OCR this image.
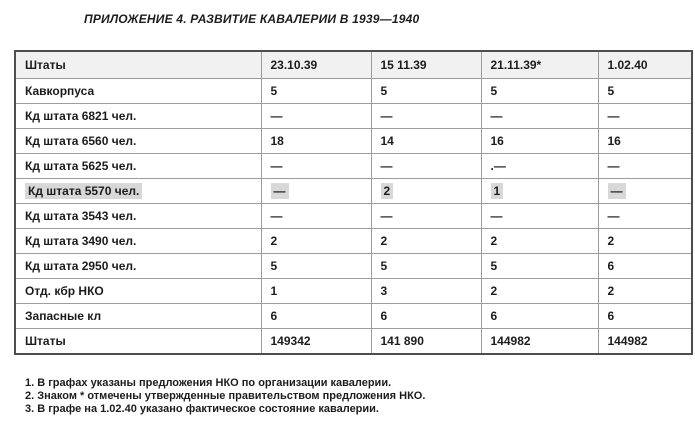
ПРИЛОЖЕНИЕ 4. РАЗВИТИЕ КАВАЛЕРИИ В 1939—1940
Штаты	23.10.39	15 11.39	21.11.39*	1.02.40
Кавкорпуса	5	5	5	5
Кд штата 6821 чел.	—	—	—	—
Кд штата 6560 чел.	18	14	16	16
Кд штата 5625 чел.	—	—	.—	—
Кд штата 5570 чел.	—	2	1	—
Кд штата 3543 чел.	—	—	—	—
Кд штата 3490 чел.	2	2	2	2
Кд штата 2950 чел.	5	5	5	6
Отд. кбр НКО	1	3	2	2
Запасные кл	6	6	6	6
Штаты	149342	141 890	144982	144982
1. В графах указаны предложения НКО по организации кавалерии.
2. Знаком * отмечены утвержденные правительством предложения НКО.
3. В графе на 1.02.40 указано фактическое состояние кавалерии.
